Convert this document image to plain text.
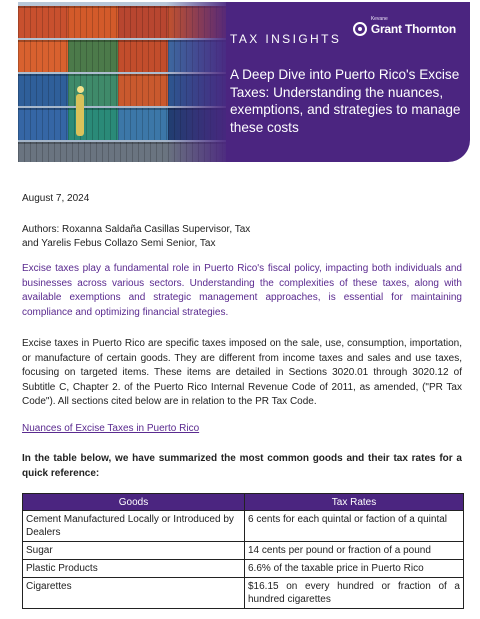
TAX INSIGHTS
Kevane
Grant Thornton
A Deep Dive into Puerto Rico's Excise Taxes: Understanding the nuances, exemptions, and strategies to manage these costs
August 7, 2024
Authors: Roxanna Saldaña Casillas Supervisor, Tax
and Yarelis Febus Collazo Semi Senior, Tax
Excise taxes play a fundamental role in Puerto Rico's fiscal policy, impacting both individuals and businesses across various sectors. Understanding the complexities of these taxes, along with available exemptions and strategic management approaches, is essential for maintaining compliance and optimizing financial strategies.
Excise taxes in Puerto Rico are specific taxes imposed on the sale, use, consumption, importation, or manufacture of certain goods. They are different from income taxes and sales and use taxes, focusing on targeted items. These items are detailed in Sections 3020.01 through 3020.12 of Subtitle C, Chapter 2. of the Puerto Rico Internal Revenue Code of 2011, as amended, ("PR Tax Code"). All sections cited below are in relation to the PR Tax Code.
Nuances of Excise Taxes in Puerto Rico
In the table below, we have summarized the most common goods and their tax rates for a quick reference:
Goods	Tax Rates
Cement Manufactured Locally or Introduced by Dealers	6 cents for each quintal or faction of a quintal
Sugar	14 cents per pound or fraction of a pound
Plastic Products	6.6% of the taxable price in Puerto Rico
Cigarettes	$16.15 on every hundred or fraction of a hundred cigarettes
